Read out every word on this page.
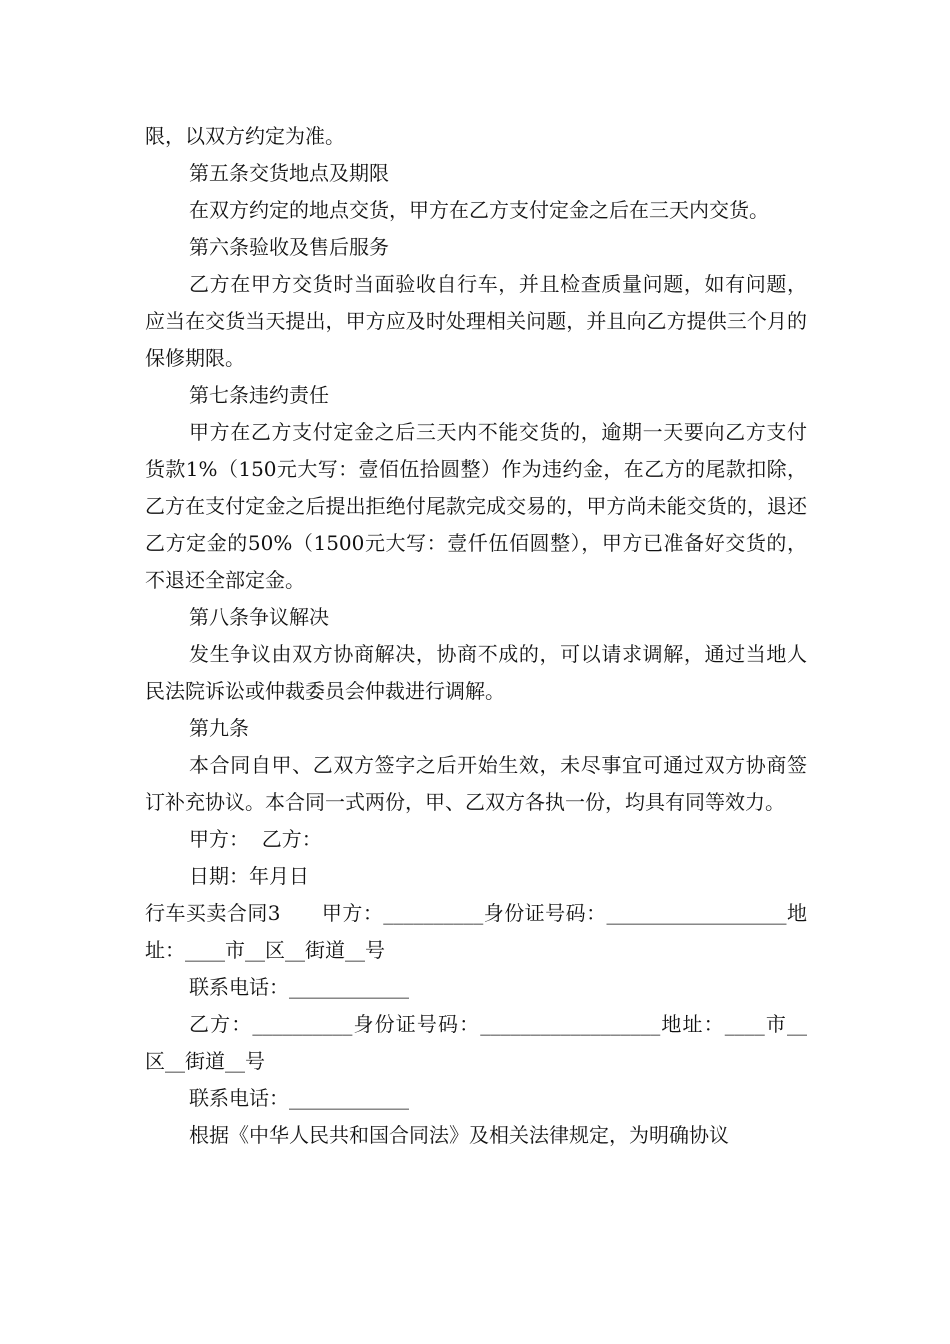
限，以双方约定为准。

第五条交货地点及期限

在双方约定的地点交货，甲方在乙方支付定金之后在三天内交货。

第六条验收及售后服务

乙方在甲方交货时当面验收自行车，并且检查质量问题，如有问题，应当在交货当天提出，甲方应及时处理相关问题，并且向乙方提供三个月的保修期限。

第七条违约责任

甲方在乙方支付定金之后三天内不能交货的，逾期一天要向乙方支付货款1%（150元大写：壹佰伍拾圆整）作为违约金，在乙方的尾款扣除，乙方在支付定金之后提出拒绝付尾款完成交易的，甲方尚未能交货的，退还乙方定金的50%（1500元大写：壹仟伍佰圆整），甲方已准备好交货的，不退还全部定金。

第八条争议解决

发生争议由双方协商解决，协商不成的，可以请求调解，通过当地人民法院诉讼或仲裁委员会仲裁进行调解。

第九条

本合同自甲、乙双方签字之后开始生效，未尽事宜可通过双方协商签订补充协议。本合同一式两份，甲、乙双方各执一份，均具有同等效力。

甲方：  乙方：

日期：年月日

行车买卖合同3　　甲方：__________身份证号码：______________⁠____地址：____市__区__街道__号

联系电话：____________

乙方：__________身份证号码：__________________地址：____市__区__街道__号

联系电话：____________

根据《中华人民共和国合同法》及相关法律规定，为明确协议
